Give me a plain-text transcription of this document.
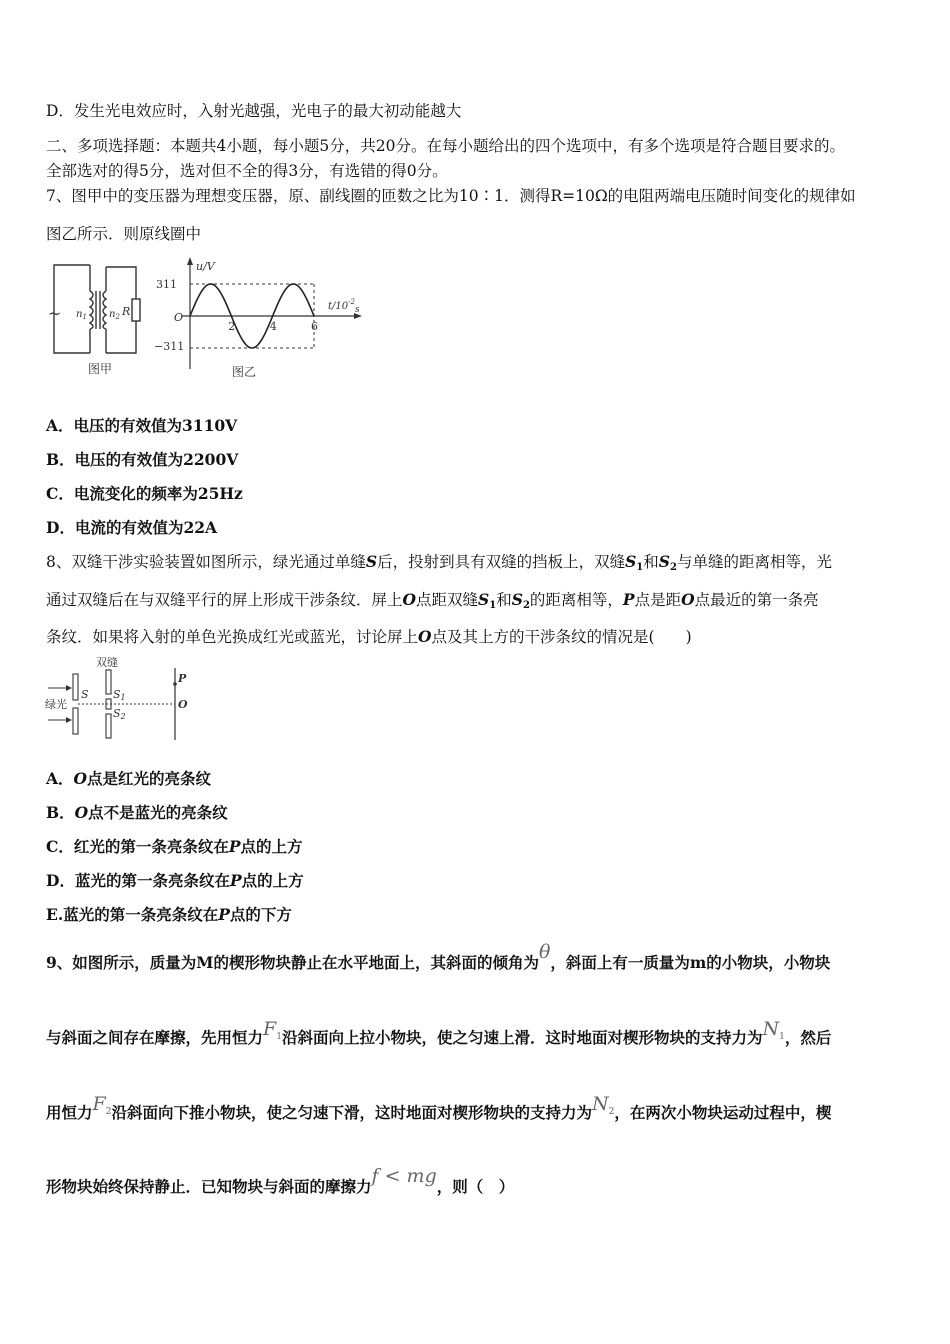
D．发生光电效应时，入射光越强，光电子的最大初动能越大
二、多项选择题：本题共4小题，每小题5分，共20分。在每小题给出的四个选项中，有多个选项是符合题目要求的。
全部选对的得5分，选对但不全的得3分，有选错的得0分。
7、图甲中的变压器为理想变压器，原、副线圈的匝数之比为10∶1．测得R=10Ω的电阻两端电压随时间变化的规律如
图乙所示．则原线圈中
~ $n_1$ $n_2$ R
图甲
u/V
311
−311
O
2	4	6
$t/10^{-2}s$
图乙
A．电压的有效值为3110V
B．电压的有效值为2200V
C．电流变化的频率为25Hz
D．电流的有效值为22A
8、双缝干涉实验装置如图所示，绿光通过单缝S后，投射到具有双缝的挡板上，双缝$S_1$和$S_2$与单缝的距离相等，光
通过双缝后在与双缝平行的屏上形成干涉条纹．屏上O点距双缝$S_1$和$S_2$的距离相等，P点是距O点最近的第一条亮
条纹．如果将入射的单色光换成红光或蓝光，讨论屏上O点及其上方的干涉条纹的情况是(　　)
双缝
绿光
S S1
S2
P
O
A．O点是红光的亮条纹
B．O点不是蓝光的亮条纹
C．红光的第一条亮条纹在P点的上方
D．蓝光的第一条亮条纹在P点的上方
E.蓝光的第一条亮条纹在P点的下方
9、如图所示，质量为M的楔形物块静止在水平地面上，其斜面的倾角为θ，斜面上有一质量为m的小物块，小物块
与斜面之间存在摩擦，先用恒力$F_1$沿斜面向上拉小物块，使之匀速上滑．这时地面对楔形物块的支持力为$N_1$，然后
用恒力$F_2$沿斜面向下推小物块，使之匀速下滑，这时地面对楔形物块的支持力为$N_2$，在两次小物块运动过程中，楔
形物块始终保持静止．已知物块与斜面的摩擦力f < mg，则（　）
